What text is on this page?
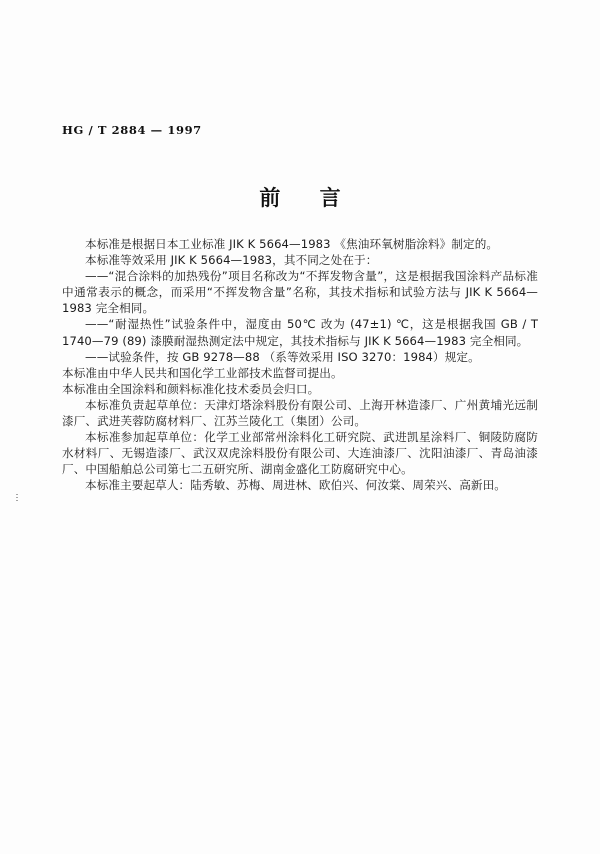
HG / T 2884 — 1997
前 言

本标准是根据日本工业标准 JIK K 5664—1983 《焦油环氧树脂涂料》制定的。

本标准等效采用 JIK K 5664—1983，其不同之处在于：

——“混合涂料的加热残份”项目名称改为“不挥发物含量”，这是根据我国涂料产品标准中通常表示的概念，而采用“不挥发物含量”名称，其技术指标和试验方法与 JIK K 5664—1983 完全相同。

——“耐湿热性”试验条件中，湿度由 50℃ 改为 (47±1) ℃，这是根据我国 GB / T 1740—79 (89) 漆膜耐湿热测定法中规定，其技术指标与 JIK K 5664—1983 完全相同。

——试验条件，按 GB 9278—88 （系等效采用 ISO 3270：1984）规定。

本标准由中华人民共和国化学工业部技术监督司提出。

本标准由全国涂料和颜料标准化技术委员会归口。

本标准负责起草单位：天津灯塔涂料股份有限公司、上海开林造漆厂、广州黄埔光远制漆厂、武进芙蓉防腐材料厂、江苏兰陵化工（集团）公司。

本标准参加起草单位：化学工业部常州涂料化工研究院、武进凯星涂料厂、铜陵防腐防水材料厂、无锡造漆厂、武汉双虎涂料股份有限公司、大连油漆厂、沈阳油漆厂、青岛油漆厂、中国船舶总公司第七二五研究所、湖南金盛化工防腐研究中心。

本标准主要起草人：陆秀敏、苏梅、周进林、欧伯兴、何汝棠、周荣兴、高新田。
